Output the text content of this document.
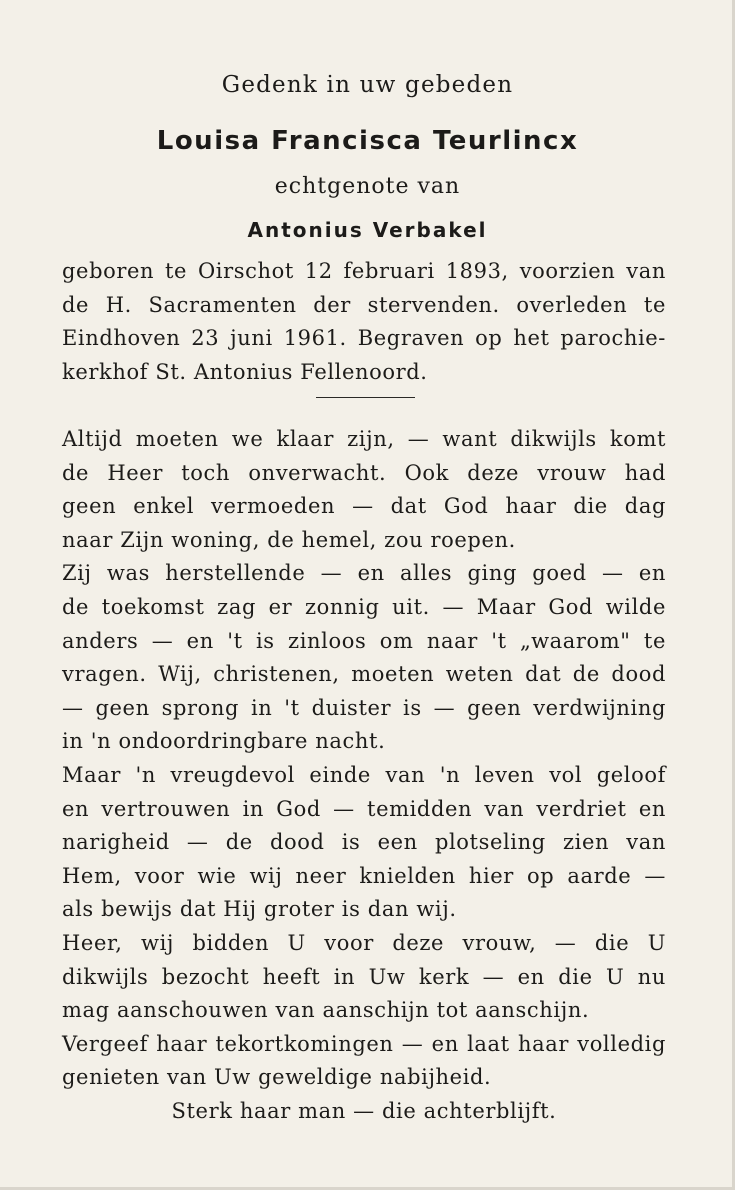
Gedenk in uw gebeden

Louisa Francisca Teurlincx

echtgenote van

Antonius Verbakel

geboren te Oirschot 12 februari 1893, voorzien van
de H. Sacramenten der stervenden. overleden te
Eindhoven 23 juni 1961. Begraven op het parochie-
kerkhof St. Antonius Fellenoord.
Altijd moeten we klaar zijn, — want dikwijls komt
de Heer toch onverwacht. Ook deze vrouw had
geen enkel vermoeden — dat God haar die dag
naar Zijn woning, de hemel, zou roepen.
Zij was herstellende — en alles ging goed — en
de toekomst zag er zonnig uit. — Maar God wilde
anders — en 't is zinloos om naar 't „waarom" te
vragen. Wij, christenen, moeten weten dat de dood
— geen sprong in 't duister is — geen verdwijning
in 'n ondoordringbare nacht.
Maar 'n vreugdevol einde van 'n leven vol geloof
en vertrouwen in God — temidden van verdriet en
narigheid — de dood is een plotseling zien van
Hem, voor wie wij neer knielden hier op aarde —
als bewijs dat Hij groter is dan wij.
Heer, wij bidden U voor deze vrouw, — die U
dikwijls bezocht heeft in Uw kerk — en die U nu
mag aanschouwen van aanschijn tot aanschijn.
Vergeef haar tekortkomingen — en laat haar volledig
genieten van Uw geweldige nabijheid.
Sterk haar man — die achterblijft.
